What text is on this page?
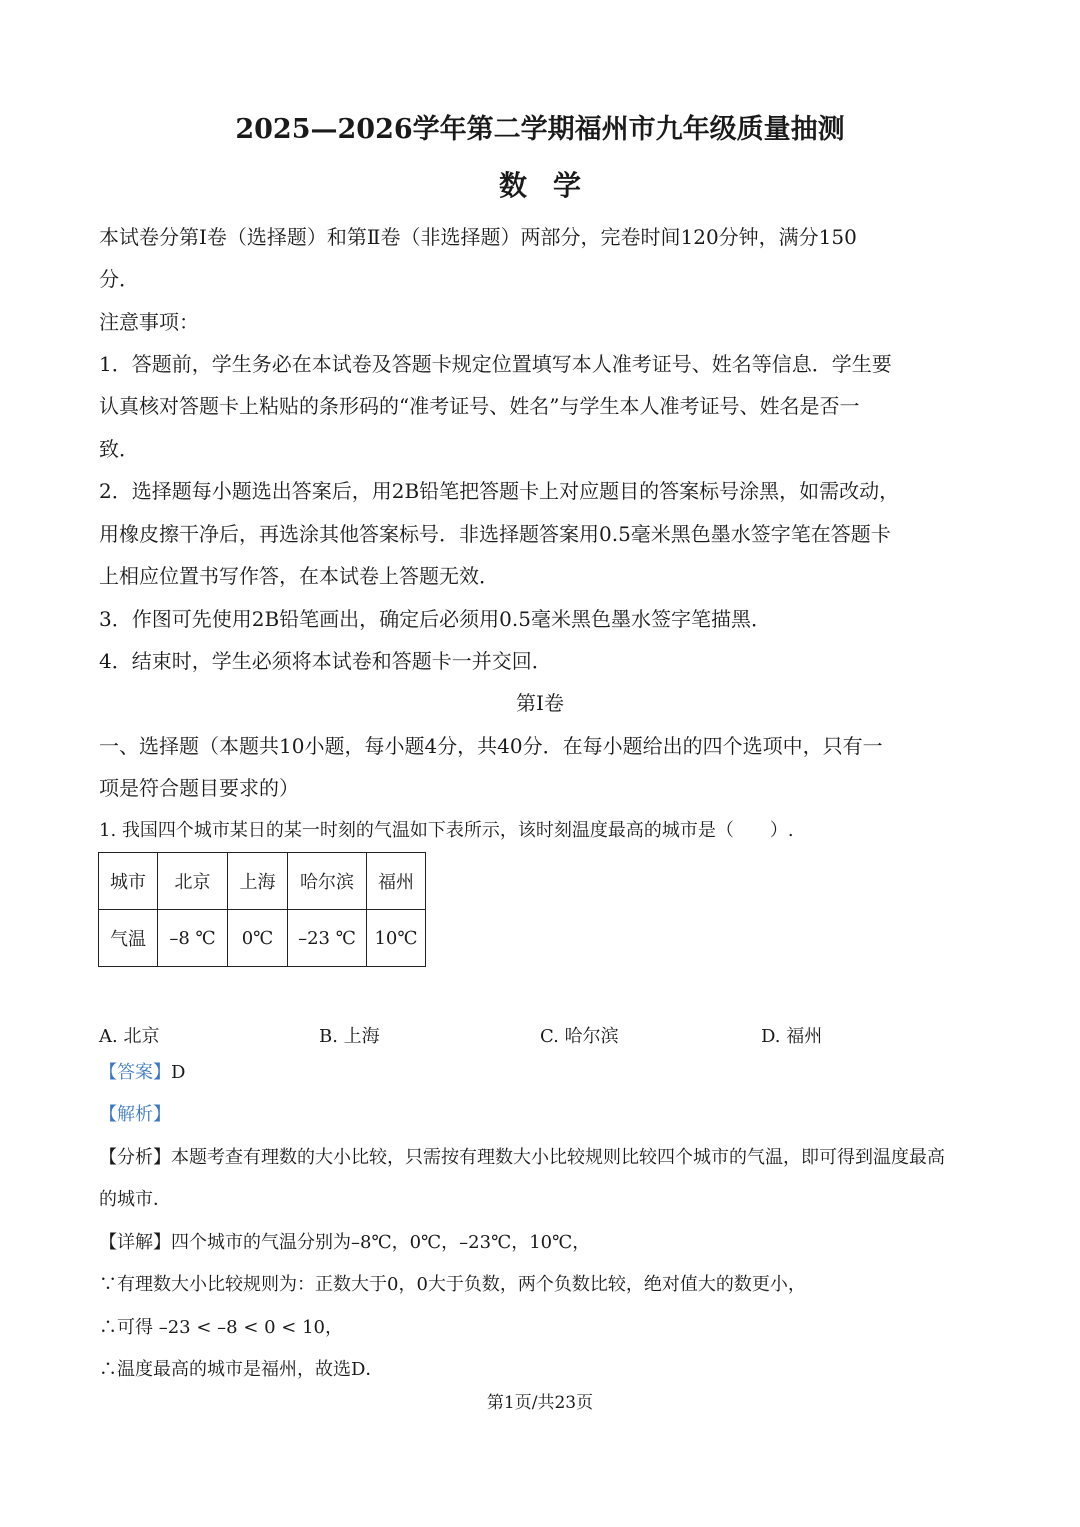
2025—2026学年第二学期福州市九年级质量抽测
数学
本试卷分第Ⅰ卷（选择题）和第Ⅱ卷（非选择题）两部分，完卷时间120分钟，满分150
分．
注意事项：
1．答题前，学生务必在本试卷及答题卡规定位置填写本人准考证号、姓名等信息．学生要
认真核对答题卡上粘贴的条形码的“准考证号、姓名”与学生本人准考证号、姓名是否一
致．
2．选择题每小题选出答案后，用2B铅笔把答题卡上对应题目的答案标号涂黑，如需改动，
用橡皮擦干净后，再选涂其他答案标号．非选择题答案用0.5毫米黑色墨水签字笔在答题卡
上相应位置书写作答，在本试卷上答题无效．
3．作图可先使用2B铅笔画出，确定后必须用0.5毫米黑色墨水签字笔描黑．
4．结束时，学生必须将本试卷和答题卡一并交回．
第Ⅰ卷
一、选择题（本题共10小题，每小题4分，共40分．在每小题给出的四个选项中，只有一
项是符合题目要求的）
1. 我国四个城市某日的某一时刻的气温如下表所示，该时刻温度最高的城市是（　　）.
城市	北京	上海	哈尔滨	福州
气温	–8 ℃	0℃	–23 ℃	10℃
A. 北京	B. 上海	C. 哈尔滨	D. 福州
【答案】D
【解析】
【分析】本题考查有理数的大小比较，只需按有理数大小比较规则比较四个城市的气温，即可得到温度最高
的城市．
【详解】四个城市的气温分别为–8℃，0℃，–23℃，10℃，
∵有理数大小比较规则为：正数大于0，0大于负数，两个负数比较，绝对值大的数更小，
∴可得 –23 < –8 < 0 < 10，
∴温度最高的城市是福州，故选D．
第1页/共23页
